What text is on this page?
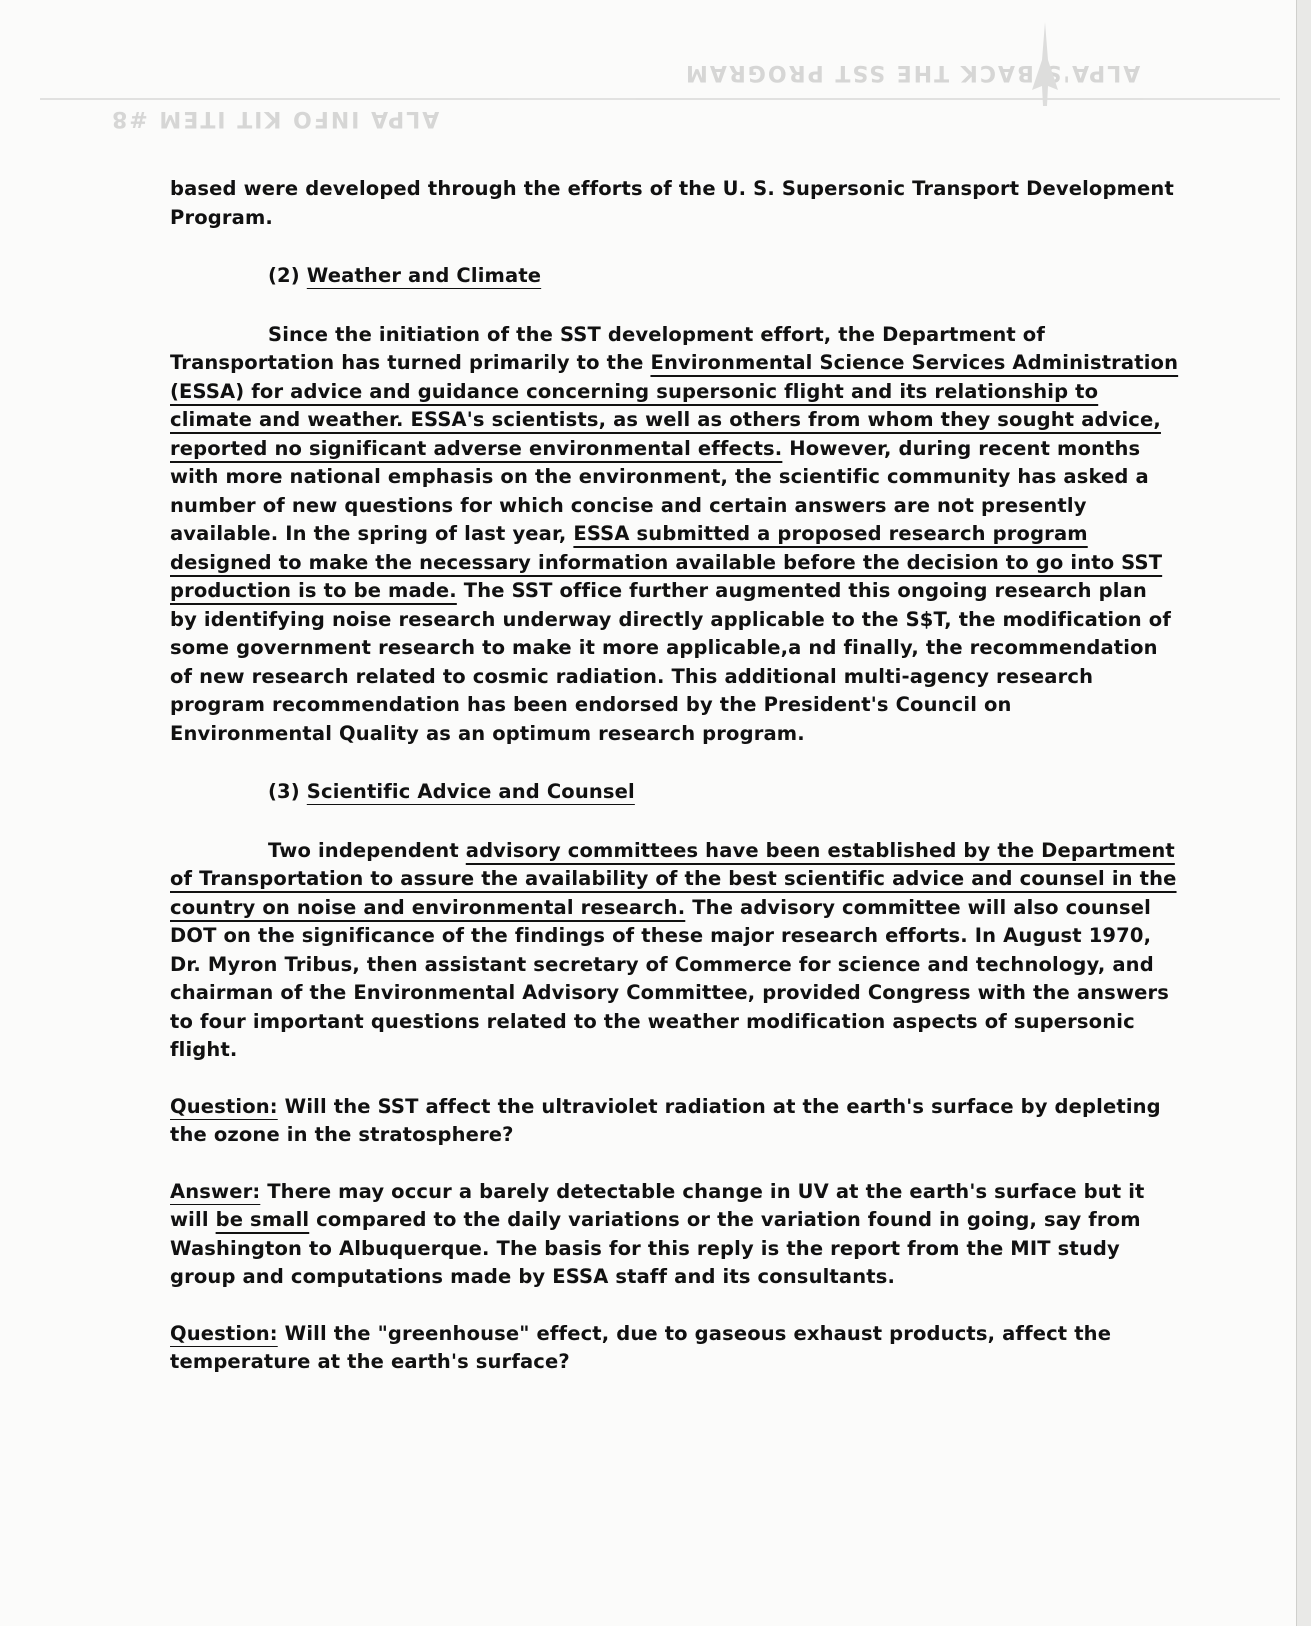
ALPA'S BACK THE SST PROGRAM
ALPA INFO KIT ITEM #8

based were developed through the efforts of the U. S. Supersonic Transport Development Program.

(2) Weather and Climate

Since the initiation of the SST development effort, the Department of Transportation has turned primarily to the Environmental Science Services Administration (ESSA) for advice and guidance concerning supersonic flight and its relationship to climate and weather. ESSA's scientists, as well as others from whom they sought advice, reported no significant adverse environmental effects. However, during recent months with more national emphasis on the environment, the scientific community has asked a number of new questions for which concise and certain answers are not presently available. In the spring of last year, ESSA submitted a proposed research program designed to make the necessary information available before the decision to go into SST production is to be made. The SST office further augmented this ongoing research plan by identifying noise research underway directly applicable to the S$T, the modification of some government research to make it more applicable,a nd finally, the recommendation of new research related to cosmic radiation. This additional multi-agency research program recommendation has been endorsed by the President's Council on Environmental Quality as an optimum research program.

(3) Scientific Advice and Counsel

Two independent advisory committees have been established by the Department of Transportation to assure the availability of the best scientific advice and counsel in the country on noise and environmental research. The advisory committee will also counsel DOT on the significance of the findings of these major research efforts. In August 1970, Dr. Myron Tribus, then assistant secretary of Commerce for science and technology, and chairman of the Environmental Advisory Committee, provided Congress with the answers to four important questions related to the weather modification aspects of supersonic flight.

Question: Will the SST affect the ultraviolet radiation at the earth's surface by depleting the ozone in the stratosphere?

Answer: There may occur a barely detectable change in UV at the earth's surface but it will be small compared to the daily variations or the variation found in going, say from Washington to Albuquerque. The basis for this reply is the report from the MIT study group and computations made by ESSA staff and its consultants.

Question: Will the "greenhouse" effect, due to gaseous exhaust products, affect the temperature at the earth's surface?
